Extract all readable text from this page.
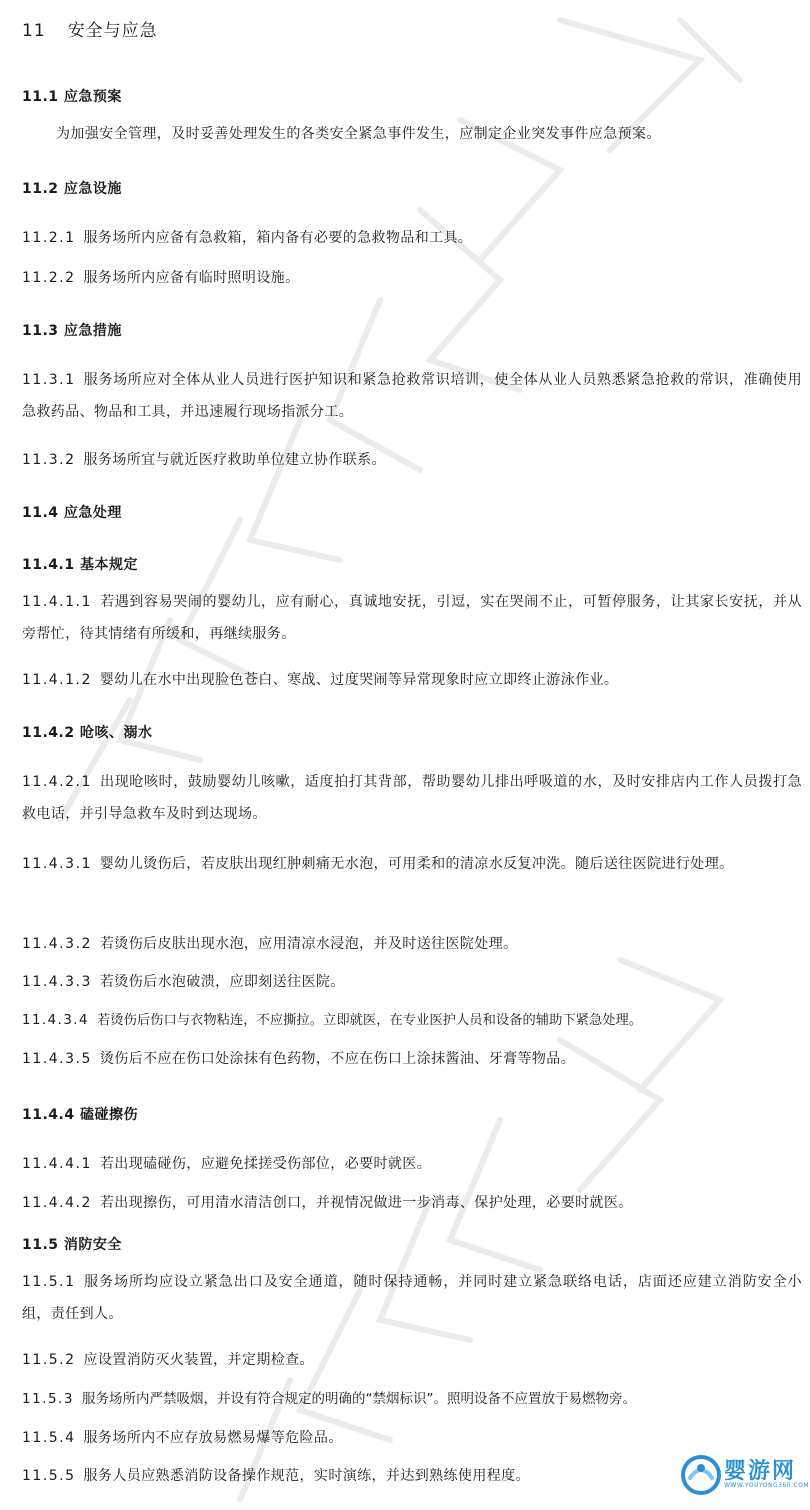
11 安全与应急
11.1 应急预案
为加强安全管理，及时妥善处理发生的各类安全紧急事件发生，应制定企业突发事件应急预案。
11.2 应急设施
11.2.1 服务场所内应备有急救箱，箱内备有必要的急救物品和工具。
11.2.2 服务场所内应备有临时照明设施。
11.3 应急措施
11.3.1 服务场所应对全体从业人员进行医护知识和紧急抢救常识培训，使全体从业人员熟悉紧急抢救的常识，准确使用急救药品、物品和工具，并迅速履行现场指派分工。
11.3.2 服务场所宜与就近医疗救助单位建立协作联系。
11.4 应急处理
11.4.1 基本规定
11.4.1.1 若遇到容易哭闹的婴幼儿，应有耐心，真诚地安抚，引逗，实在哭闹不止，可暂停服务，让其家长安抚，并从旁帮忙，待其情绪有所缓和，再继续服务。
11.4.1.2 婴幼儿在水中出现脸色苍白、寒战、过度哭闹等异常现象时应立即终止游泳作业。
11.4.2 呛咳、溺水
11.4.2.1 出现呛咳时，鼓励婴幼儿咳嗽，适度拍打其背部，帮助婴幼儿排出呼吸道的水，及时安排店内工作人员拨打急救电话，并引导急救车及时到达现场。
11.4.3.1 婴幼儿烫伤后，若皮肤出现红肿刺痛无水泡，可用柔和的清凉水反复冲洗。随后送往医院进行处理。
11.4.3.2 若烫伤后皮肤出现水泡，应用清凉水浸泡，并及时送往医院处理。
11.4.3.3 若烫伤后水泡破溃，应即刻送往医院。
11.4.3.4 若烫伤后伤口与衣物粘连，不应撕拉。立即就医，在专业医护人员和设备的辅助下紧急处理。
11.4.3.5 烫伤后不应在伤口处涂抹有色药物，不应在伤口上涂抹酱油、牙膏等物品。
11.4.4 磕碰擦伤
11.4.4.1 若出现磕碰伤，应避免揉搓受伤部位，必要时就医。
11.4.4.2 若出现擦伤，可用清水清洁创口，并视情况做进一步消毒、保护处理，必要时就医。
11.5 消防安全
11.5.1 服务场所均应设立紧急出口及安全通道，随时保持通畅，并同时建立紧急联络电话，店面还应建立消防安全小组，责任到人。
11.5.2 应设置消防灭火装置，并定期检查。
11.5.3 服务场所内严禁吸烟，并设有符合规定的明确的“禁烟标识”。照明设备不应置放于易燃物旁。
11.5.4 服务场所内不应存放易燃易爆等危险品。
11.5.5 服务人员应熟悉消防设备操作规范，实时演练，并达到熟练使用程度。	婴游网
WWW.YOUYONG360.COM
